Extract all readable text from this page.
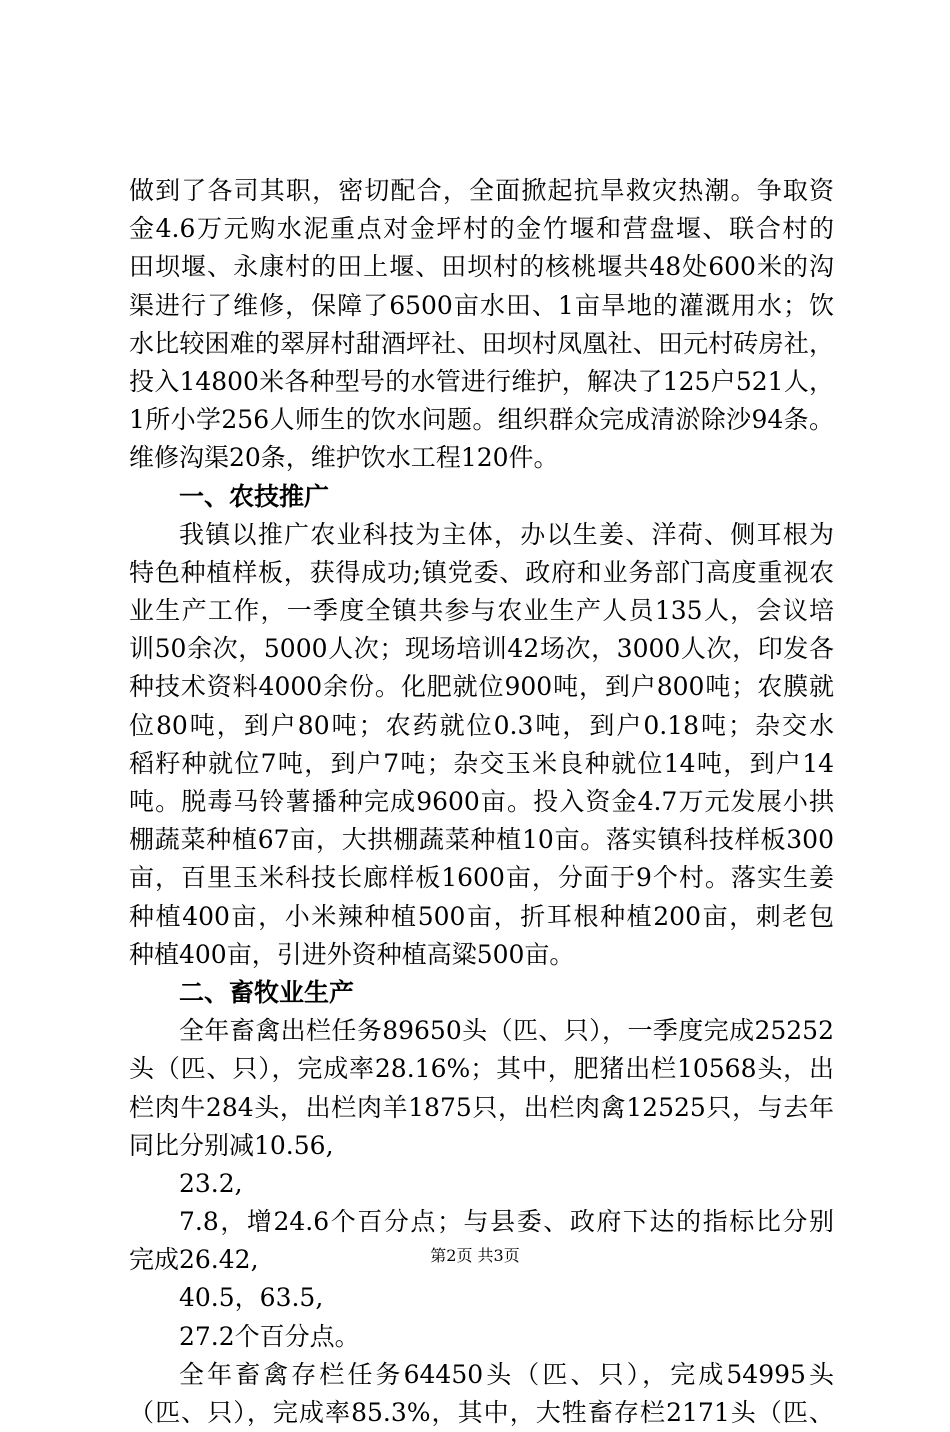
做到了各司其职，密切配合，全面掀起抗旱救灾热潮。争取资
金4.6万元购水泥重点对金坪村的金竹堰和营盘堰、联合村的
田坝堰、永康村的田上堰、田坝村的核桃堰共48处600米的沟
渠进行了维修，保障了6500亩水田、1亩旱地的灌溉用水；饮
水比较困难的翠屏村甜酒坪社、田坝村凤凰社、田元村砖房社，
投入14800米各种型号的水管进行维护，解决了125户521人，
1所小学256人师生的饮水问题。组织群众完成清淤除沙94条。
维修沟渠20条，维护饮水工程120件。
一、农技推广
我镇以推广农业科技为主体，办以生姜、洋荷、侧耳根为
特色种植样板，获得成功;镇党委、政府和业务部门高度重视农
业生产工作，一季度全镇共参与农业生产人员135人，会议培
训50余次，5000人次；现场培训42场次，3000人次，印发各
种技术资料4000余份。化肥就位900吨，到户800吨；农膜就
位80吨，到户80吨；农药就位0.3吨，到户0.18吨；杂交水
稻籽种就位7吨，到户7吨；杂交玉米良种就位14吨，到户14
吨。脱毒马铃薯播种完成9600亩。投入资金4.7万元发展小拱
棚蔬菜种植67亩，大拱棚蔬菜种植10亩。落实镇科技样板300
亩，百里玉米科技长廊样板1600亩，分面于9个村。落实生姜
种植400亩，小米辣种植500亩，折耳根种植200亩，刺老包
种植400亩，引进外资种植高粱500亩。
二、畜牧业生产
全年畜禽出栏任务89650头（匹、只），一季度完成25252
头（匹、只），完成率28.16%；其中，肥猪出栏10568头，出
栏肉牛284头，出栏肉羊1875只，出栏肉禽12525只，与去年
同比分别减10.56,
23.2,
7.8，增24.6个百分点；与县委、政府下达的指标比分别
完成26.42,
40.5，63.5,
27.2个百分点。
全年畜禽存栏任务64450头（匹、只），完成54995头
（匹、只），完成率85.3%，其中，大牲畜存栏2171头（匹、
第2页 共3页
